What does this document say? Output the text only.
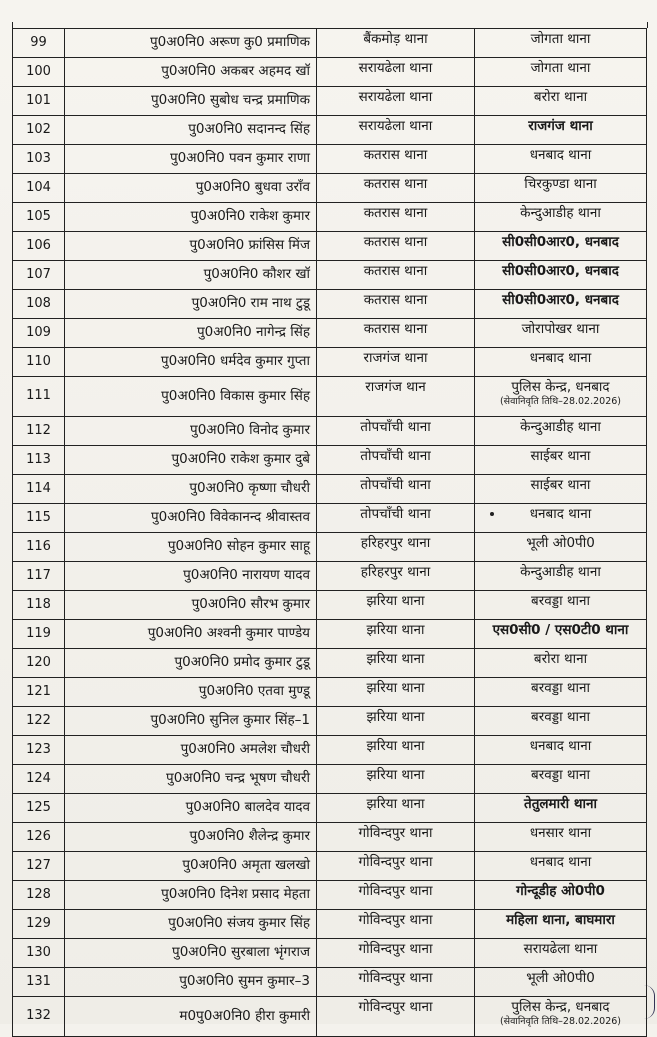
99	पु0अ0नि0 अरूण कु0 प्रमाणिक	बैंकमोड़ थाना	जोगता थाना
100	पु0अ0नि0 अकबर अहमद खॉ	सरायढेला थाना	जोगता थाना
101	पु0अ0नि0 सुबोध चन्द्र प्रमाणिक	सरायढेला थाना	बरोरा थाना
102	पु0अ0नि0 सदानन्द सिंह	सरायढेला थाना	राजगंज थाना
103	पु0अ0नि0 पवन कुमार राणा	कतरास थाना	धनबाद थाना
104	पु0अ0नि0 बुधवा उराँव	कतरास थाना	चिरकुण्डा थाना
105	पु0अ0नि0 राकेश कुमार	कतरास थाना	केन्दुआडीह थाना
106	पु0अ0नि0 फ्रांसिस मिंज	कतरास थाना	सी0सी0आर0, धनबाद
107	पु0अ0नि0 कौशर खॉ	कतरास थाना	सी0सी0आर0, धनबाद
108	पु0अ0नि0 राम नाथ टुडू	कतरास थाना	सी0सी0आर0, धनबाद
109	पु0अ0नि0 नागेन्द्र सिंह	कतरास थाना	जोरापोखर थाना
110	पु0अ0नि0 धर्मदेव कुमार गुप्ता	राजगंज थाना	धनबाद थाना
111	पु0अ0नि0 विकास कुमार सिंह	राजगंज थान	पुलिस केन्द्र, धनबाद
(सेवानिवृति तिथि–28.02.2026)

112	पु0अ0नि0 विनोद कुमार	तोपचाँची थाना	केन्दुआडीह थाना
113	पु0अ0नि0 राकेश कुमार दुबे	तोपचाँची थाना	साईबर थाना
114	पु0अ0नि0 कृष्णा चौधरी	तोपचाँची थाना	साईबर थाना
115	पु0अ0नि0 विवेकानन्द श्रीवास्तव	तोपचाँची थाना	धनबाद थाना
116	पु0अ0नि0 सोहन कुमार साहू	हरिहरपुर थाना	भूली ओ0पी0
117	पु0अ0नि0 नारायण यादव	हरिहरपुर थाना	केन्दुआडीह थाना
118	पु0अ0नि0 सौरभ कुमार	झरिया थाना	बरवड्डा थाना
119	पु0अ0नि0 अश्वनी कुमार पाण्डेय	झरिया थाना	एस0सी0 / एस0टी0 थाना
120	पु0अ0नि0 प्रमोद कुमार टुडू	झरिया थाना	बरोरा थाना
121	पु0अ0नि0 एतवा मुण्डू	झरिया थाना	बरवड्डा थाना
122	पु0अ0नि0 सुनिल कुमार सिंह–1	झरिया थाना	बरवड्डा थाना
123	पु0अ0नि0 अमलेश चौधरी	झरिया थाना	धनबाद थाना
124	पु0अ0नि0 चन्द्र भूषण चौधरी	झरिया थाना	बरवड्डा थाना
125	पु0अ0नि0 बालदेव यादव	झरिया थाना	तेतुलमारी थाना
126	पु0अ0नि0 शैलेन्द्र कुमार	गोविन्दपुर थाना	धनसार थाना
127	पु0अ0नि0 अमृता खलखो	गोविन्दपुर थाना	धनबाद थाना
128	पु0अ0नि0 दिनेश प्रसाद मेहता	गोविन्दपुर थाना	गोन्दूडीह ओ0पी0
129	पु0अ0नि0 संजय कुमार सिंह	गोविन्दपुर थाना	महिला थाना, बाघमारा
130	पु0अ0नि0 सुरबाला भृंगराज	गोविन्दपुर थाना	सरायढेला थाना
131	पु0अ0नि0 सुमन कुमार–3	गोविन्दपुर थाना	भूली ओ0पी0
132	म0पु0अ0नि0 हीरा कुमारी	गोविन्दपुर थाना	पुलिस केन्द्र, धनबाद
(सेवानिवृति तिथि–28.02.2026)
